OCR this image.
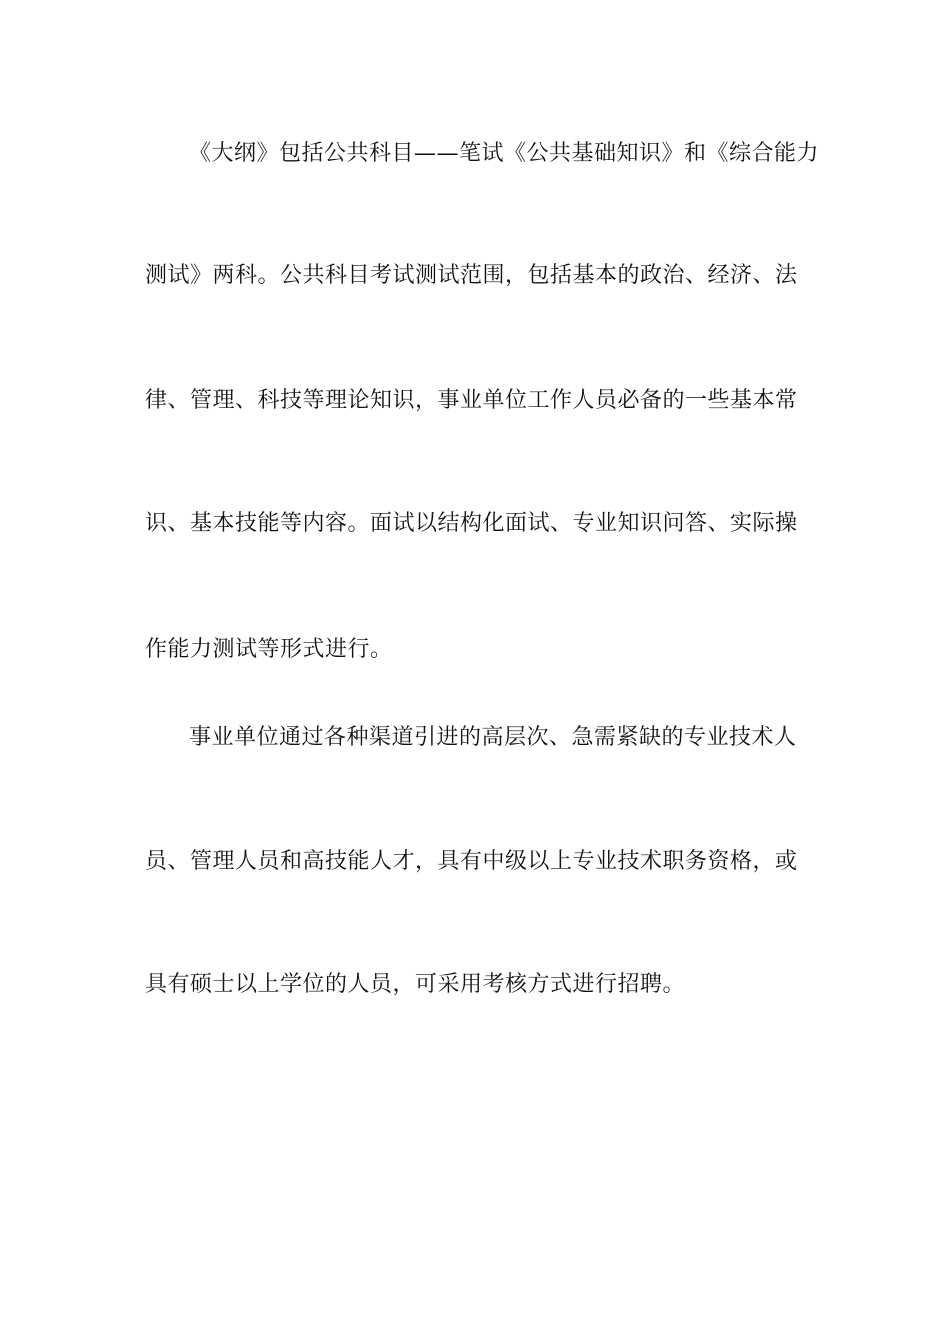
《大纲》包括公共科目——笔试《公共基础知识》和《综合能力
测试》两科。公共科目考试测试范围，包括基本的政治、经济、法
律、管理、科技等理论知识，事业单位工作人员必备的一些基本常
识、基本技能等内容。面试以结构化面试、专业知识问答、实际操
作能力测试等形式进行。
事业单位通过各种渠道引进的高层次、急需紧缺的专业技术人
员、管理人员和高技能人才，具有中级以上专业技术职务资格，或
具有硕士以上学位的人员，可采用考核方式进行招聘。
